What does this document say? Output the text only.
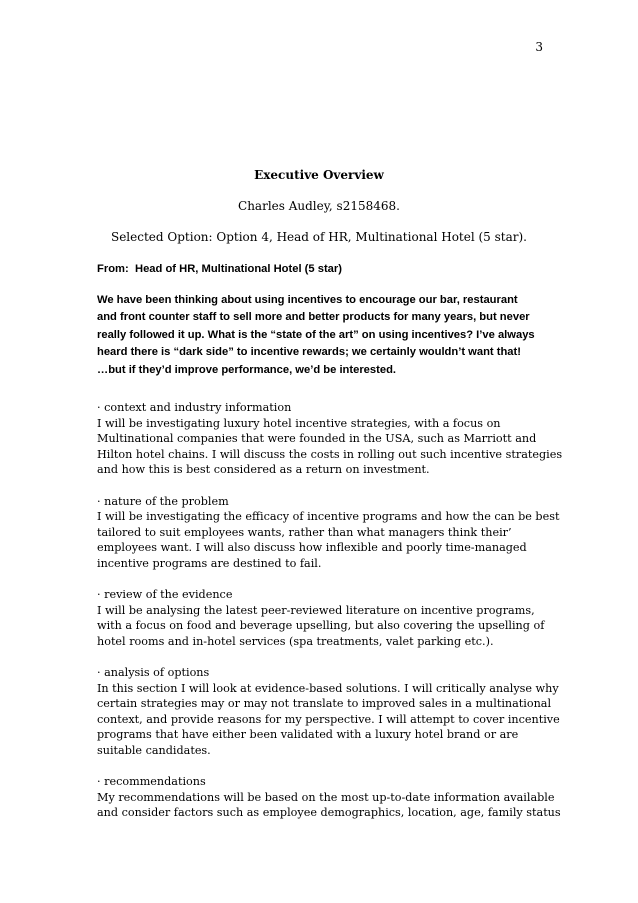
3
Executive Overview
Charles Audley, s2158468.
Selected Option: Option 4, Head of HR, Multinational Hotel (5 star).
From: Head of HR, Multinational Hotel (5 star)
We have been thinking about using incentives to encourage our bar, restaurant
and front counter staff to sell more and better products for many years, but never
really followed it up. What is the “state of the art” on using incentives? I’ve always
heard there is “dark side” to incentive rewards; we certainly wouldn’t want that!
…but if they’d improve performance, we’d be interested.
· context and industry information
I will be investigating luxury hotel incentive strategies, with a focus on
Multinational companies that were founded in the USA, such as Marriott and
Hilton hotel chains. I will discuss the costs in rolling out such incentive strategies
and how this is best considered as a return on investment.
· nature of the problem
I will be investigating the efficacy of incentive programs and how the can be best
tailored to suit employees wants, rather than what managers think their’
employees want. I will also discuss how inflexible and poorly time-managed
incentive programs are destined to fail.
· review of the evidence
I will be analysing the latest peer-reviewed literature on incentive programs,
with a focus on food and beverage upselling, but also covering the upselling of
hotel rooms and in-hotel services (spa treatments, valet parking etc.).
· analysis of options
In this section I will look at evidence-based solutions. I will critically analyse why
certain strategies may or may not translate to improved sales in a multinational
context, and provide reasons for my perspective. I will attempt to cover incentive
programs that have either been validated with a luxury hotel brand or are
suitable candidates.
· recommendations
My recommendations will be based on the most up-to-date information available
and consider factors such as employee demographics, location, age, family status
